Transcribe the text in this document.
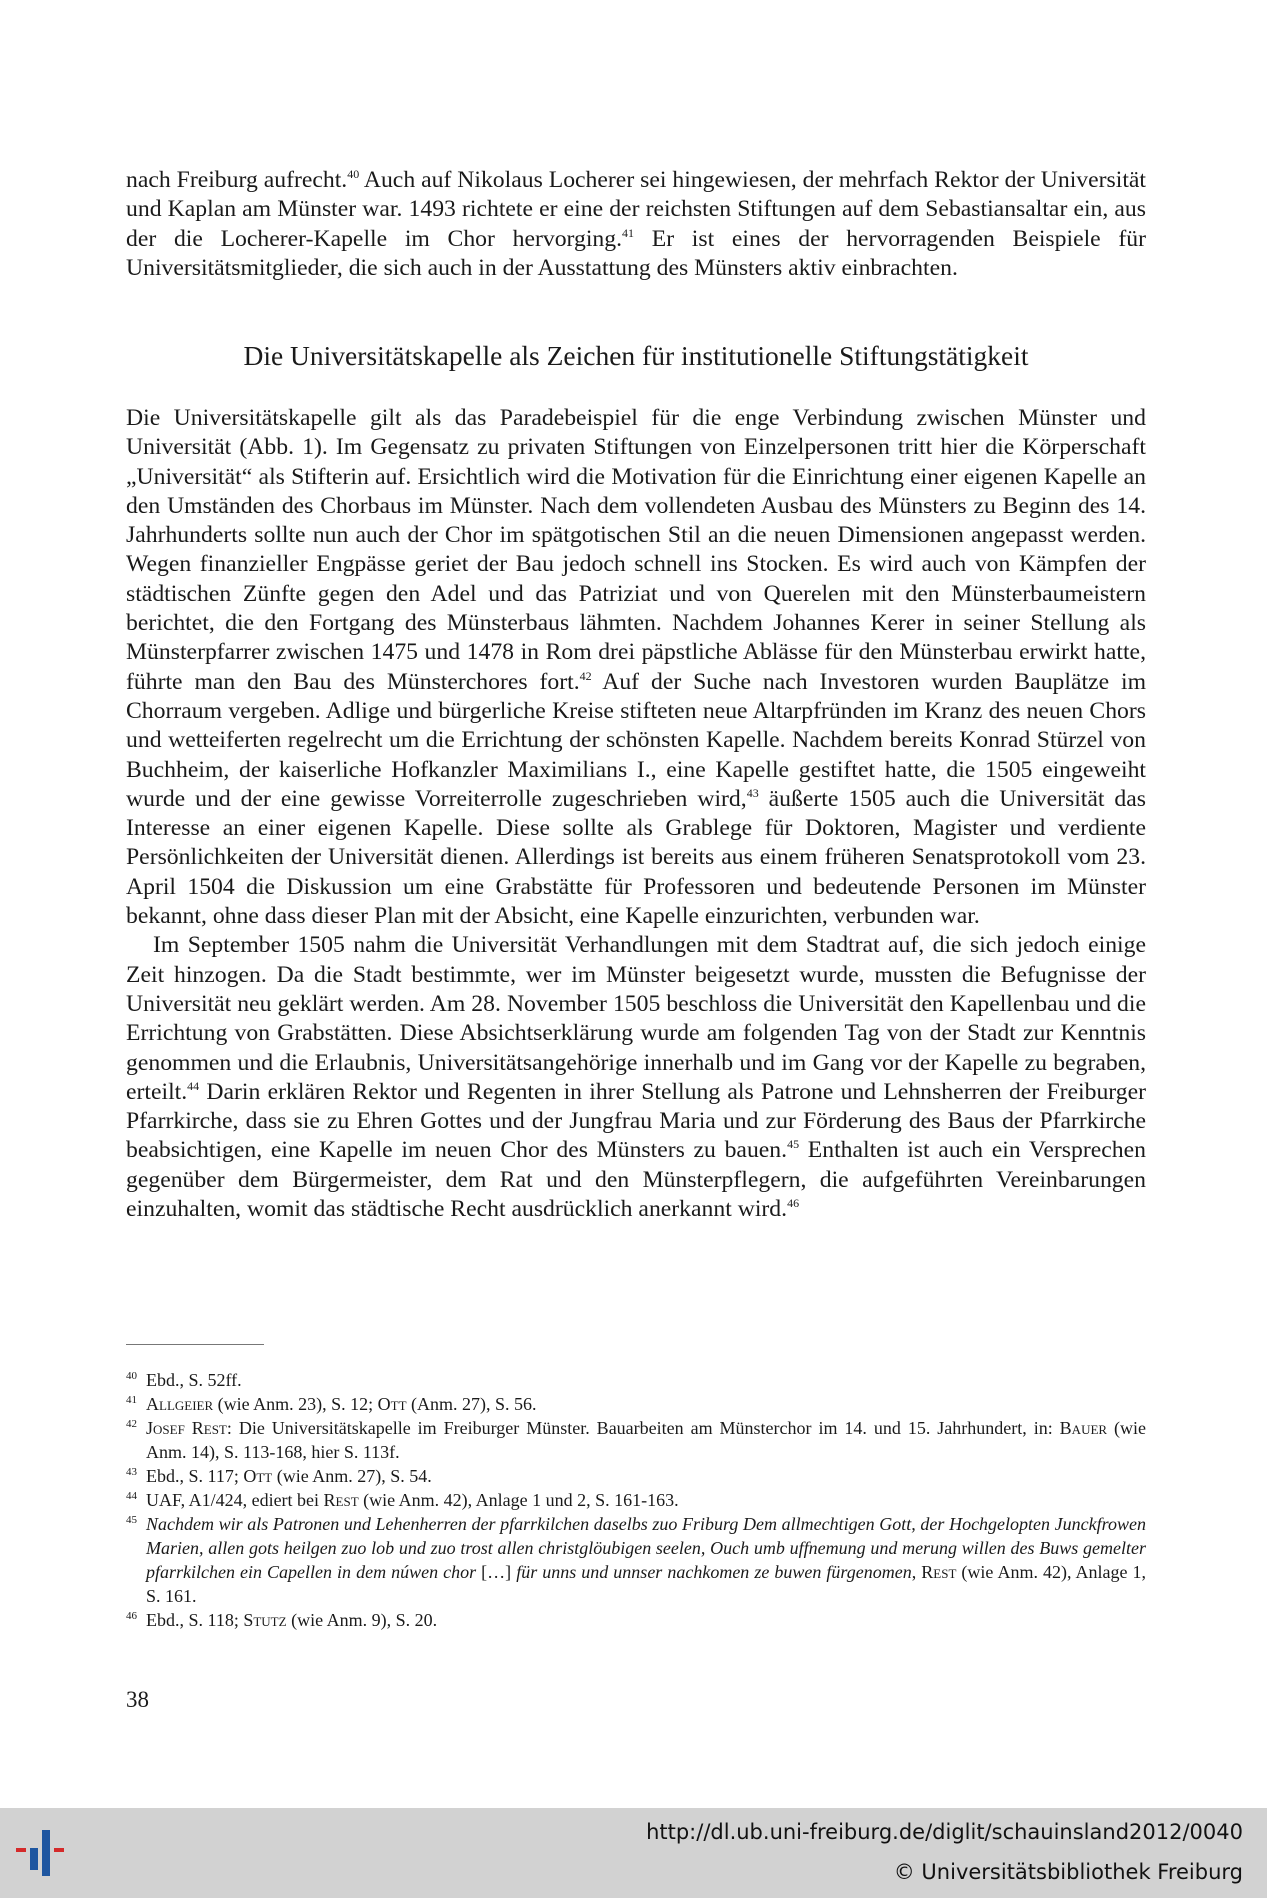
nach Freiburg aufrecht.$^{40}$ Auch auf Nikolaus Locherer sei hingewiesen, der mehrfach Rektor der Universität und Kaplan am Münster war. 1493 richtete er eine der reichsten Stiftungen auf dem Sebastiansaltar ein, aus der die Locherer-Kapelle im Chor hervorging.$^{41}$ Er ist eines der hervorragenden Beispiele für Universitätsmitglieder, die sich auch in der Ausstattung des Münsters aktiv einbrachten.

Die Universitätskapelle als Zeichen für institutionelle Stiftungstätigkeit

Die Universitätskapelle gilt als das Paradebeispiel für die enge Verbindung zwischen Münster und Universität (Abb. 1). Im Gegensatz zu privaten Stiftungen von Einzelpersonen tritt hier die Körperschaft „Universität“ als Stifterin auf. Ersichtlich wird die Motivation für die Einrichtung einer eigenen Kapelle an den Umständen des Chorbaus im Münster. Nach dem vollendeten Ausbau des Münsters zu Beginn des 14. Jahrhunderts sollte nun auch der Chor im spätgotischen Stil an die neuen Dimensionen angepasst werden. Wegen finanzieller Engpässe geriet der Bau jedoch schnell ins Stocken. Es wird auch von Kämpfen der städtischen Zünfte gegen den Adel und das Patriziat und von Querelen mit den Münsterbaumeistern berichtet, die den Fortgang des Münsterbaus lähmten. Nachdem Johannes Kerer in seiner Stellung als Münsterpfarrer zwischen 1475 und 1478 in Rom drei päpstliche Ablässe für den Münsterbau erwirkt hatte, führte man den Bau des Münsterchores fort.$^{42}$ Auf der Suche nach Investoren wurden Bauplätze im Chorraum vergeben. Adlige und bürgerliche Kreise stifteten neue Altarpfründen im Kranz des neuen Chors und wetteiferten regelrecht um die Errichtung der schönsten Kapelle. Nachdem bereits Konrad Stürzel von Buchheim, der kaiserliche Hofkanzler Maximilians I., eine Kapelle gestiftet hatte, die 1505 eingeweiht wurde und der eine gewisse Vorreiterrolle zugeschrieben wird,$^{43}$ äußerte 1505 auch die Universität das Interesse an einer eigenen Kapelle. Diese sollte als Grablege für Doktoren, Magister und verdiente Persönlichkeiten der Universität dienen. Allerdings ist bereits aus einem früheren Senatsprotokoll vom 23. April 1504 die Diskussion um eine Grabstätte für Professoren und bedeutende Personen im Münster bekannt, ohne dass dieser Plan mit der Absicht, eine Kapelle einzurichten, verbunden war.

Im September 1505 nahm die Universität Verhandlungen mit dem Stadtrat auf, die sich jedoch einige Zeit hinzogen. Da die Stadt bestimmte, wer im Münster beigesetzt wurde, mussten die Befugnisse der Universität neu geklärt werden. Am 28. November 1505 beschloss die Universität den Kapellenbau und die Errichtung von Grabstätten. Diese Absichtserklärung wurde am folgenden Tag von der Stadt zur Kenntnis genommen und die Erlaubnis, Universitätsangehörige innerhalb und im Gang vor der Kapelle zu begraben, erteilt.$^{44}$ Darin erklären Rektor und Regenten in ihrer Stellung als Patrone und Lehnsherren der Freiburger Pfarrkirche, dass sie zu Ehren Gottes und der Jungfrau Maria und zur Förderung des Baus der Pfarrkirche beabsichtigen, eine Kapelle im neuen Chor des Münsters zu bauen.$^{45}$ Enthalten ist auch ein Versprechen gegenüber dem Bürgermeister, dem Rat und den Münsterpflegern, die aufgeführten Vereinbarungen einzuhalten, womit das städtische Recht ausdrücklich anerkannt wird.$^{46}$

40 Ebd., S. 52ff.
41 Allgeier (wie Anm. 23), S. 12; Ott (Anm. 27), S. 56.
42 Josef Rest: Die Universitätskapelle im Freiburger Münster. Bauarbeiten am Münsterchor im 14. und 15. Jahrhundert, in: Bauer (wie Anm. 14), S. 113-168, hier S. 113f.
43 Ebd., S. 117; Ott (wie Anm. 27), S. 54.
44 UAF, A1/424, ediert bei Rest (wie Anm. 42), Anlage 1 und 2, S. 161-163.
45 Nachdem wir als Patronen und Lehenherren der pfarrkilchen daselbs zuo Friburg Dem allmechtigen Gott, der Hochgelopten Junckfrowen Marien, allen gots heilgen zuo lob und zuo trost allen christglöubigen seelen, Ouch umb uffnemung und merung willen des Buws gemelter pfarrkilchen ein Capellen in dem núwen chor […] für unns und unnser nachkomen ze buwen fürgenomen, Rest (wie Anm. 42), Anlage 1, S. 161.
46 Ebd., S. 118; Stutz (wie Anm. 9), S. 20.
38
http://dl.ub.uni-freiburg.de/diglit/schauinsland2012/0040
© Universitätsbibliothek Freiburg
